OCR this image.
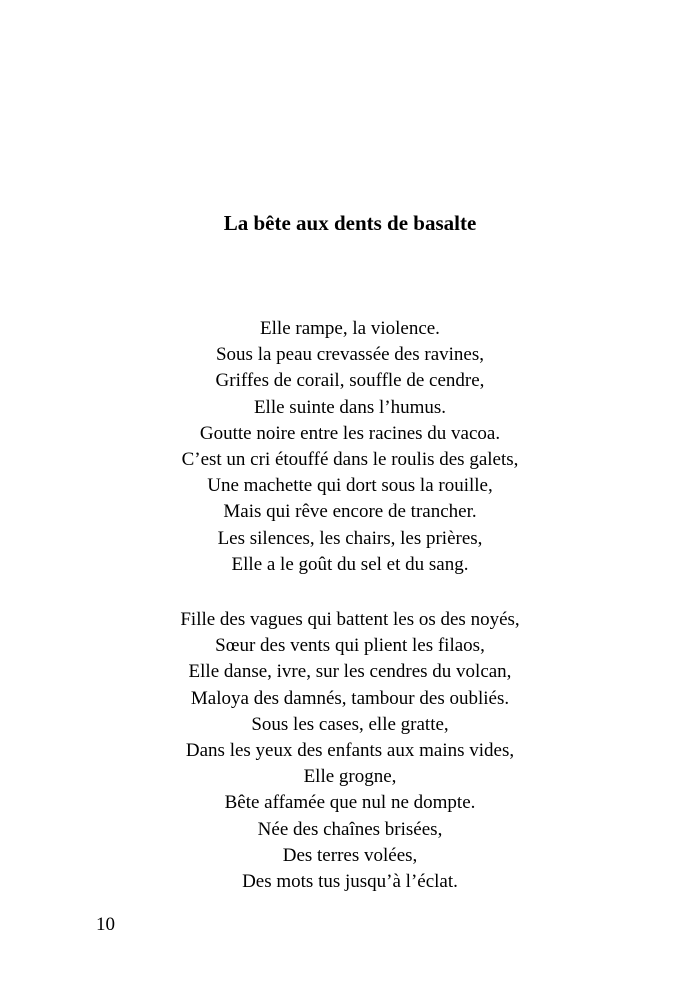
La bête aux dents de basalte
Elle rampe, la violence.
Sous la peau crevassée des ravines,
Griffes de corail, souffle de cendre,
Elle suinte dans l’humus.
Goutte noire entre les racines du vacoa.
C’est un cri étouffé dans le roulis des galets,
Une machette qui dort sous la rouille,
Mais qui rêve encore de trancher.
Les silences, les chairs, les prières,
Elle a le goût du sel et du sang.
Fille des vagues qui battent les os des noyés,
Sœur des vents qui plient les filaos,
Elle danse, ivre, sur les cendres du volcan,
Maloya des damnés, tambour des oubliés.
Sous les cases, elle gratte,
Dans les yeux des enfants aux mains vides,
Elle grogne,
Bête affamée que nul ne dompte.
Née des chaînes brisées,
Des terres volées,
Des mots tus jusqu’à l’éclat.
10
